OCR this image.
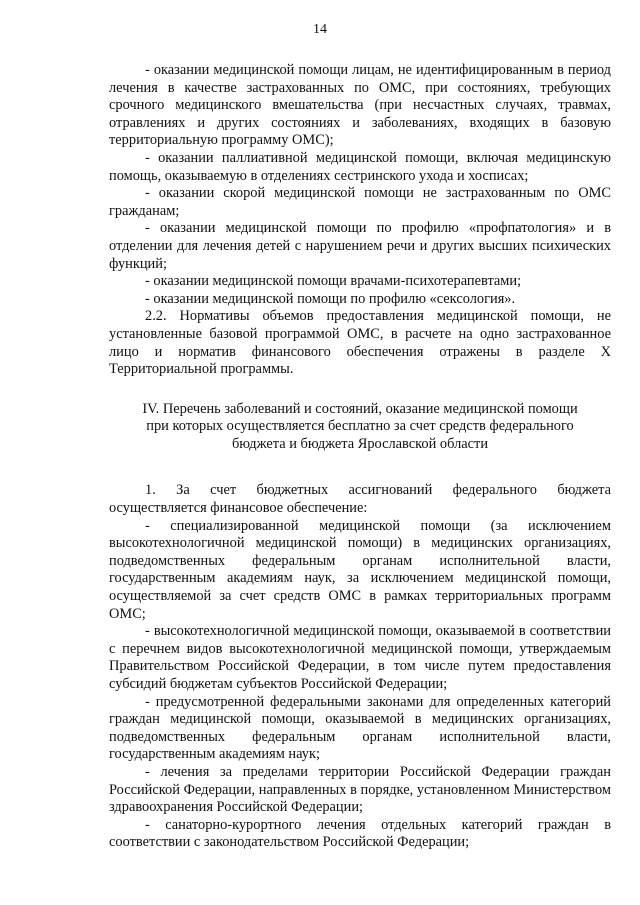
14

- оказании медицинской помощи лицам, не идентифицированным в период лечения в качестве застрахованных по ОМС, при состояниях, требующих срочного медицинского вмешательства (при несчастных случаях, травмах, отравлениях и других состояниях и заболеваниях, входящих в базовую территориальную программу ОМС);

- оказании паллиативной медицинской помощи, включая медицинскую помощь, оказываемую в отделениях сестринского ухода и хосписах;

- оказании скорой медицинской помощи не застрахованным по ОМС гражданам;

- оказании медицинской помощи по профилю «профпатология» и в отделении для лечения детей с нарушением речи и других высших психических функций;

- оказании медицинской помощи врачами-психотерапевтами;

- оказании медицинской помощи по профилю «сексология».

2.2. Нормативы объемов предоставления медицинской помощи, не установленные базовой программой ОМС, в расчете на одно застрахованное лицо и норматив финансового обеспечения отражены в разделе X Территориальной программы.

IV. Перечень заболеваний и состояний, оказание медицинской помощи
при которых осуществляется бесплатно за счет средств федерального
бюджета и бюджета Ярославской области

1. За счет бюджетных ассигнований федерального бюджета осуществляется финансовое обеспечение:

- специализированной медицинской помощи (за исключением высокотехнологичной медицинской помощи) в медицинских организациях, подведомственных федеральным органам исполнительной власти, государственным академиям наук, за исключением медицинской помощи, осуществляемой за счет средств ОМС в рамках территориальных программ ОМС;

- высокотехнологичной медицинской помощи, оказываемой в соответствии с перечнем видов высокотехнологичной медицинской помощи, утверждаемым Правительством Российской Федерации, в том числе путем предоставления субсидий бюджетам субъектов Российской Федерации;

- предусмотренной федеральными законами для определенных категорий граждан медицинской помощи, оказываемой в медицинских организациях, подведомственных федеральным органам исполнительной власти, государственным академиям наук;

- лечения за пределами территории Российской Федерации граждан Российской Федерации, направленных в порядке, установленном Министерством здравоохранения Российской Федерации;

- санаторно-курортного лечения отдельных категорий граждан в соответствии с законодательством Российской Федерации;
